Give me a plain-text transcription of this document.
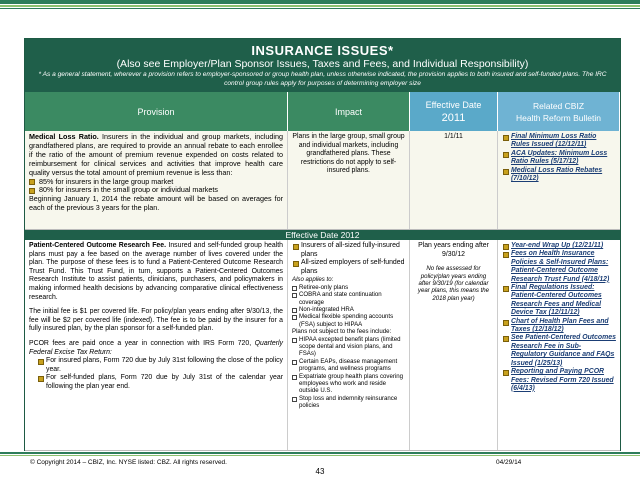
INSURANCE ISSUES*
(Also see Employer/Plan Sponsor Issues, Taxes and Fees, and Individual Responsibility)
* As a general statement, wherever a provision refers to employer-sponsored or group health plan, unless otherwise indicated, the provision applies to both insured and self-funded plans. The IRC control group rules apply for purposes of determining employer size
Provision	Impact
Effective Date
2011
Related CBIZ
Health Reform Bulletin
Medical Loss Ratio. Insurers in the individual and group markets, including grandfathered plans, are required to provide an annual rebate to each enrollee if the ratio of the amount of premium revenue expended on costs related to reimbursement for clinical services and activities that improve health care quality versus the total amount of premium revenue is less than:
85% for insurers in the large group market
80% for insurers in the small group or individual markets
Beginning January 1, 2014 the rebate amount will be based on averages for each of the previous 3 years for the plan.
Plans in the large group, small group and individual markets, including grandfathered plans. These restrictions do not apply to self-insured plans.
1/1/11	Final Minimum Loss Ratio Rules Issued (12/12/11)
ACA Updates: Minimum Loss Ratio Rules (5/17/12)
Medical Loss Ratio Rebates (7/10/12)
Effective Date 2012

Patient-Centered Outcome Research Fee. Insured and self-funded group health plans must pay a fee based on the average number of lives covered under the plan. The purpose of these fees is to fund a Patient-Centered Outcome Research Trust Fund. This Trust Fund, in turn, supports a Patient-Centered Outcomes Research Institute to assist patients, clinicians, purchasers, and policymakers in making informed health decisions by advancing comparative clinical effectiveness research.

The initial fee is $1 per covered life. For policy/plan years ending after 9/30/13, the fee will be $2 per covered life (indexed). The fee is to be paid by the insurer for a fully insured plan, by the plan sponsor for a self-funded plan.

PCOR fees are paid once a year in connection with IRS Form 720, Quarterly Federal Excise Tax Return:

For insured plans, Form 720 due by July 31st following the close of the policy year.
For self-funded plans, Form 720 due by July 31st of the calendar year following the plan year end.
Insurers of all-sized fully-insured plans
All-sized employers of self-funded plans
Also applies to:
Retiree-only plans
COBRA and state continuation coverage
Non-integrated HRA
Medical flexible spending accounts (FSA) subject to HIPAA
Plans not subject to the fees include:
HIPAA excepted benefit plans (limited scope dental and vision plans, and FSAs)
Certain EAPs, disease management programs, and wellness programs
Expatriate group health plans covering employees who work and reside outside U.S.
Stop loss and indemnity reinsurance policies
Plan years ending after 9/30/12
No fee assessed for policy/plan years ending after 9/30/19 (for calendar year plans, this means the 2018 plan year)
Year-end Wrap Up (12/21/11)
Fees on Health Insurance Policies & Self-Insured Plans: Patient-Centered Outcome Research Trust Fund (4/18/12)
Final Regulations Issued: Patient-Centered Outcomes Research Fees and Medical Device Tax (12/11/12)
Chart of Health Plan Fees and Taxes (12/18/12)
See Patient-Centered Outcomes Research Fee in Sub-Regulatory Guidance and FAQs Issued (1/25/13)
Reporting and Paying PCOR Fees: Revised Form 720 Issued (6/4/13)
© Copyright 2014 – CBIZ, Inc. NYSE listed: CBZ. All rights reserved.
43
04/29/14
